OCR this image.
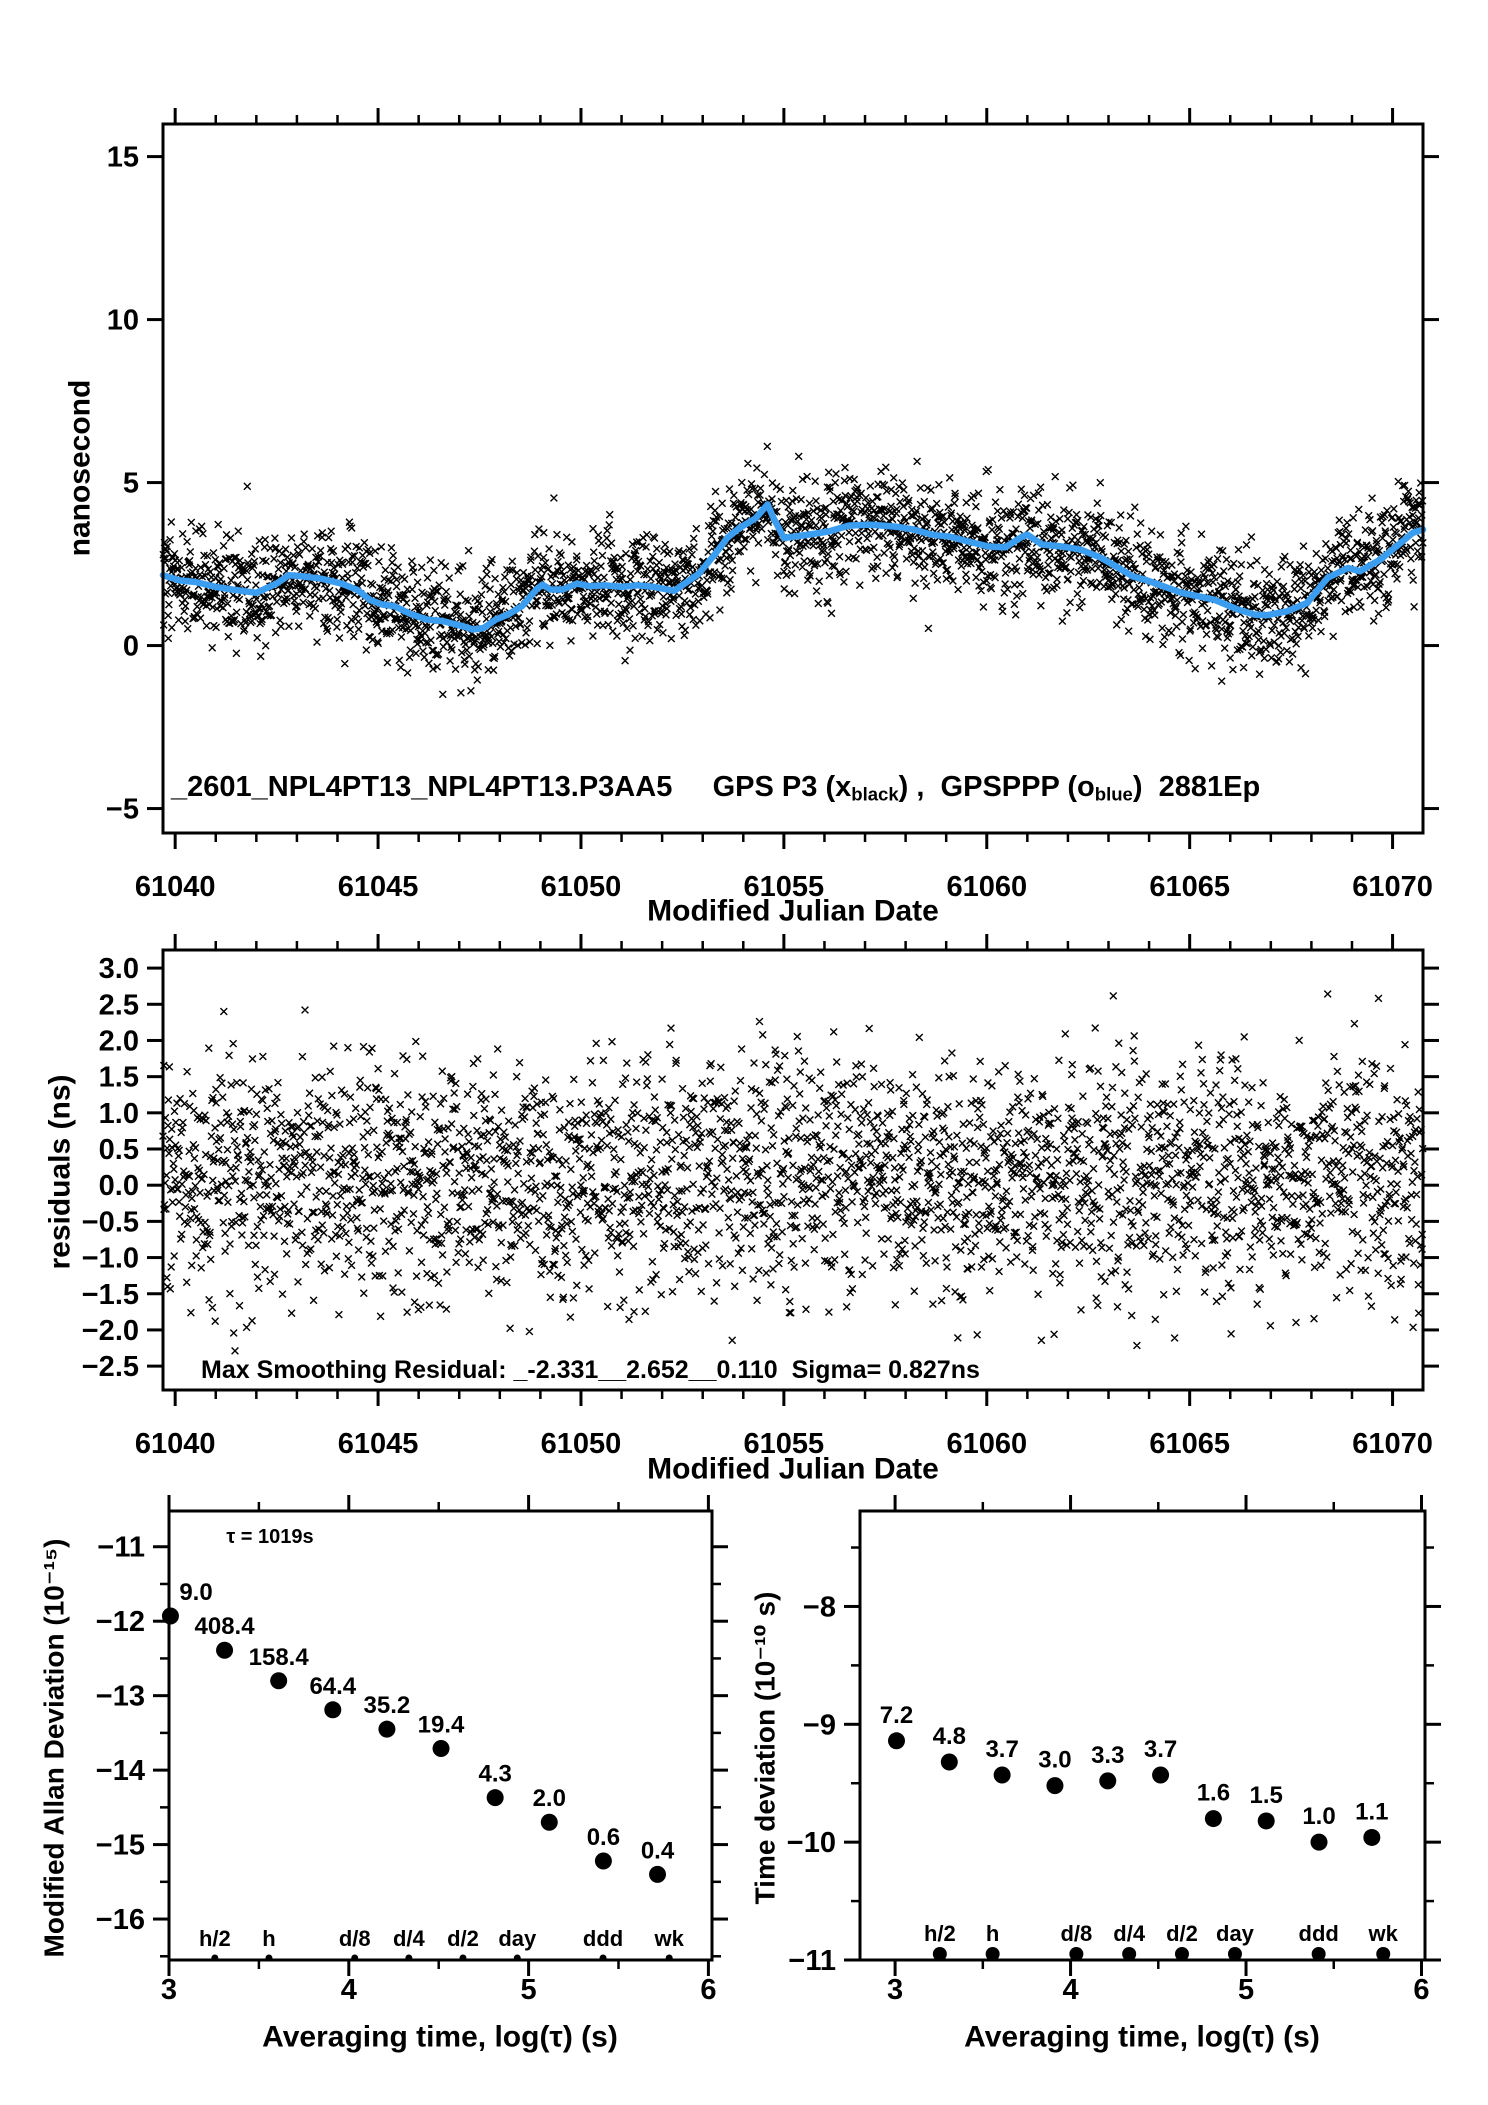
61040	61045	61050	61055	61060	61065	61070
−5
0
5
10
15
61040	61045	61050	61055	61060	61065	61070
3.0
2.5
2.0
1.5
1.0
0.5
0.0
−0.5
−1.0
−1.5
−2.0
−2.5
3	4	5	6
−11
−12
−13
−14
−15
−16
h/2 h	d/8 d/4 d/2 day ddd wk
9.0
408.4
158.4
64.4
35.2
19.4
4.3
2.0
0.6 0.4
3	4	5	6
−8
−9
−10
−11
h/2 h	d/8 d/4 d/2 day ddd wk
7.2
4.8 3.7 3.0 3.3 3.7
1.6 1.5
1.0 1.1
_2601_NPL4PT13_NPL4PT13.P3AA5     GPS P3 $(x_{black})$ ,  GPSPPP $(o_{blue})$  2881Ep
Max Smoothing Residual: _-2.331__2.652__0.110  Sigma= 0.827ns
τ = 1019s
Modified Julian Date
Modified Julian Date
Averaging time, log(τ) (s)	Averaging time, log(τ) (s)
nanosecond
residuals (ns)
Modified Allan Deviation (10⁻¹⁵)	Time deviation (10⁻¹⁰ s)
